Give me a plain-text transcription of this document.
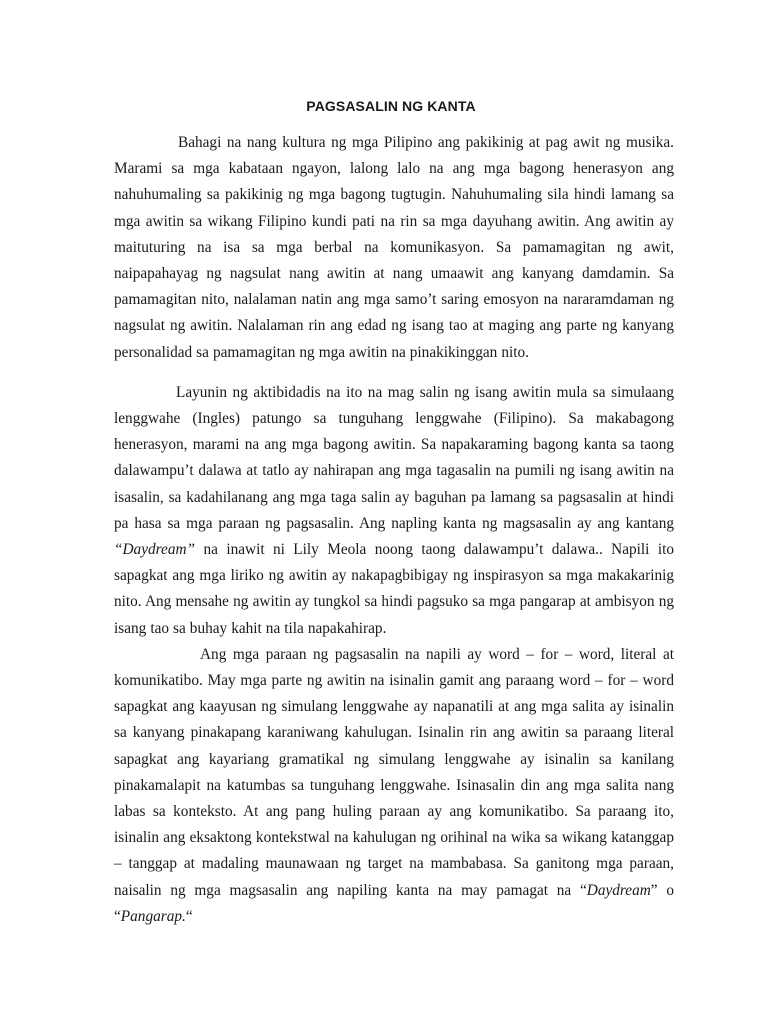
PAGSASALIN NG KANTA

Bahagi na nang kultura ng mga Pilipino ang pakikinig at pag awit ng musika. Marami sa mga kabataan ngayon, lalong lalo na ang mga bagong henerasyon ang nahuhumaling sa pakikinig ng mga bagong tugtugin. Nahuhumaling sila hindi lamang sa mga awitin sa wikang Filipino kundi pati na rin sa mga dayuhang awitin. Ang awitin ay maituturing na isa sa mga berbal na komunikasyon. Sa pamamagitan ng awit, naipapahayag ng nagsulat nang awitin at nang umaawit ang kanyang damdamin. Sa pamamagitan nito, nalalaman natin ang mga samo’t saring emosyon na nararamdaman ng nagsulat ng awitin. Nalalaman rin ang edad ng isang tao at maging ang parte ng kanyang personalidad sa pamamagitan ng mga awitin na pinakikinggan nito.

Layunin ng aktibidadis na ito na mag salin ng isang awitin mula sa simulaang lenggwahe (Ingles) patungo sa tunguhang lenggwahe (Filipino). Sa makabagong henerasyon, marami na ang mga bagong awitin. Sa napakaraming bagong kanta sa taong dalawampu’t dalawa at tatlo ay nahirapan ang mga tagasalin na pumili ng isang awitin na isasalin, sa kadahilanang ang mga taga salin ay baguhan pa lamang sa pagsasalin at hindi pa hasa sa mga paraan ng pagsasalin. Ang napling kanta ng magsasalin ay ang kantang “Daydream” na inawit ni Lily Meola noong taong dalawampu’t dalawa.. Napili ito sapagkat ang mga liriko ng awitin ay nakapagbibigay ng inspirasyon sa mga makakarinig nito. Ang mensahe ng awitin ay tungkol sa hindi pagsuko sa mga pangarap at ambisyon ng isang tao sa buhay kahit na tila napakahirap.

Ang mga paraan ng pagsasalin na napili ay word – for – word, literal at komunikatibo. May mga parte ng awitin na isinalin gamit ang paraang word – for – word sapagkat ang kaayusan ng simulang lenggwahe ay napanatili at ang mga salita ay isinalin sa kanyang pinakapang karaniwang kahulugan. Isinalin rin ang awitin sa paraang literal sapagkat ang kayariang gramatikal ng simulang lenggwahe ay isinalin sa kanilang pinakamalapit na katumbas sa tunguhang lenggwahe. Isinasalin din ang mga salita nang labas sa konteksto. At ang pang huling paraan ay ang komunikatibo. Sa paraang ito, isinalin ang eksaktong kontekstwal na kahulugan ng orihinal na wika sa wikang katanggap – tanggap at madaling maunawaan ng target na mambabasa. Sa ganitong mga paraan, naisalin ng mga magsasalin ang napiling kanta na may pamagat na “Daydream” o “Pangarap.“
